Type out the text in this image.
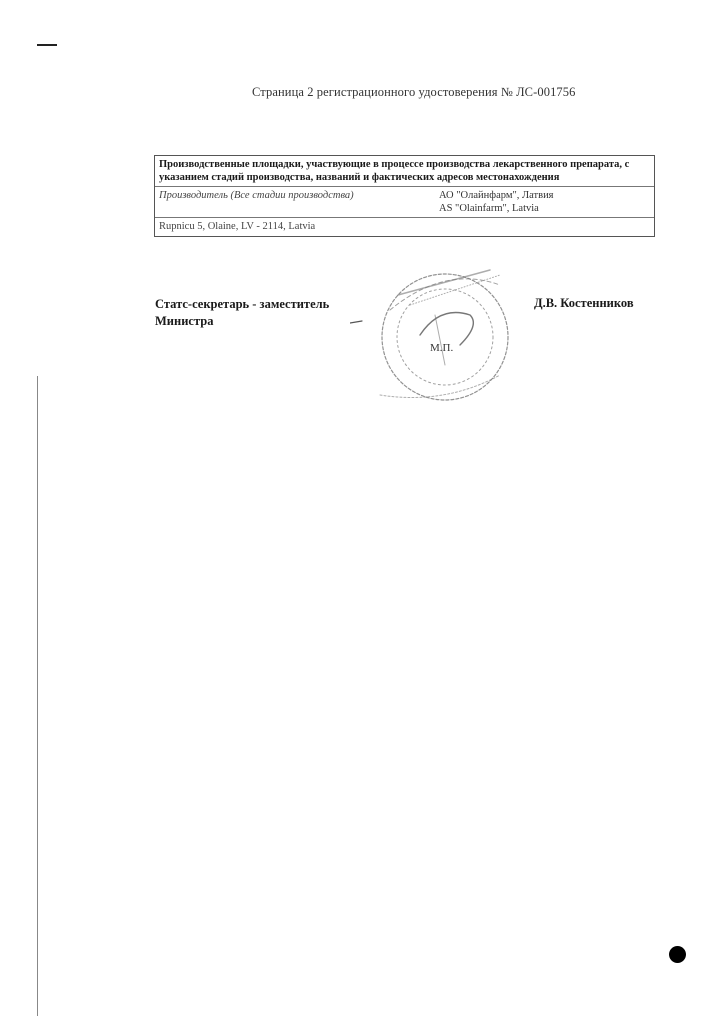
Страница 2 регистрационного удостоверения № ЛС-001756
Производственные площадки, участвующие в процессе производства лекарственного препарата, с указанием стадий производства, названий и фактических адресов местонахождения
Производитель (Все стадии производства)	АО "Олайнфарм", Латвия
AS "Olainfarm", Latvia
Rupnicu 5, Olaine, LV - 2114, Latvia
Статс-секретарь - заместитель
Министра
Д.В. Костенников
М.П.
